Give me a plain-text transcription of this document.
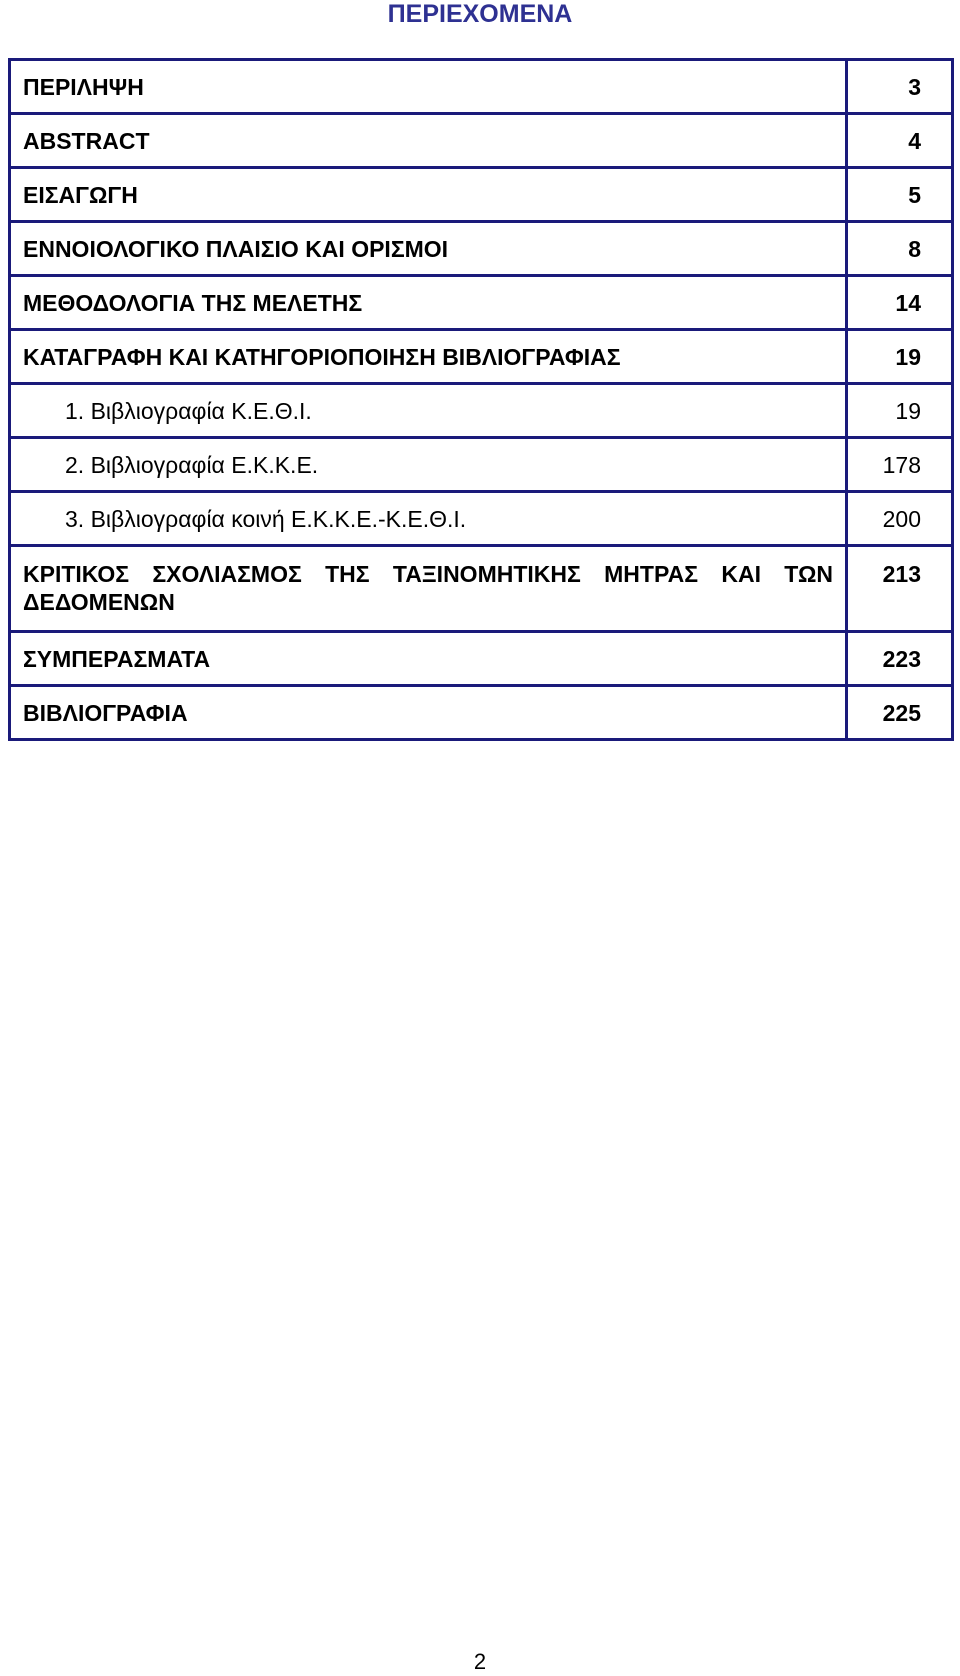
ΠΕΡΙΕΧΟΜΕΝΑ
ΠΕΡΙΛΗΨΗ	3
ABSTRACT	4
ΕΙΣΑΓΩΓΗ	5
ΕΝΝΟΙΟΛΟΓΙΚΟ ΠΛΑΙΣΙΟ ΚΑΙ ΟΡΙΣΜΟΙ	8
ΜΕΘΟΔΟΛΟΓΙΑ ΤΗΣ ΜΕΛΕΤΗΣ	14
ΚΑΤΑΓΡΑΦΗ ΚΑΙ ΚΑΤΗΓΟΡΙΟΠΟΙΗΣΗ ΒΙΒΛΙΟΓΡΑΦΙΑΣ	19
1. Βιβλιογραφία Κ.Ε.Θ.Ι.	19
2. Βιβλιογραφία Ε.Κ.Κ.Ε.	178
3. Βιβλιογραφία κοινή Ε.Κ.Κ.Ε.-Κ.Ε.Θ.Ι.	200
ΚΡΙΤΙΚΟΣ ΣΧΟΛΙΑΣΜΟΣ ΤΗΣ ΤΑΞΙΝΟΜΗΤΙΚΗΣ ΜΗΤΡΑΣ ΚΑΙ ΤΩΝ ΔΕΔΟΜΕΝΩΝ	213
ΣΥΜΠΕΡΑΣΜΑΤΑ	223
ΒΙΒΛΙΟΓΡΑΦΙΑ	225
2
